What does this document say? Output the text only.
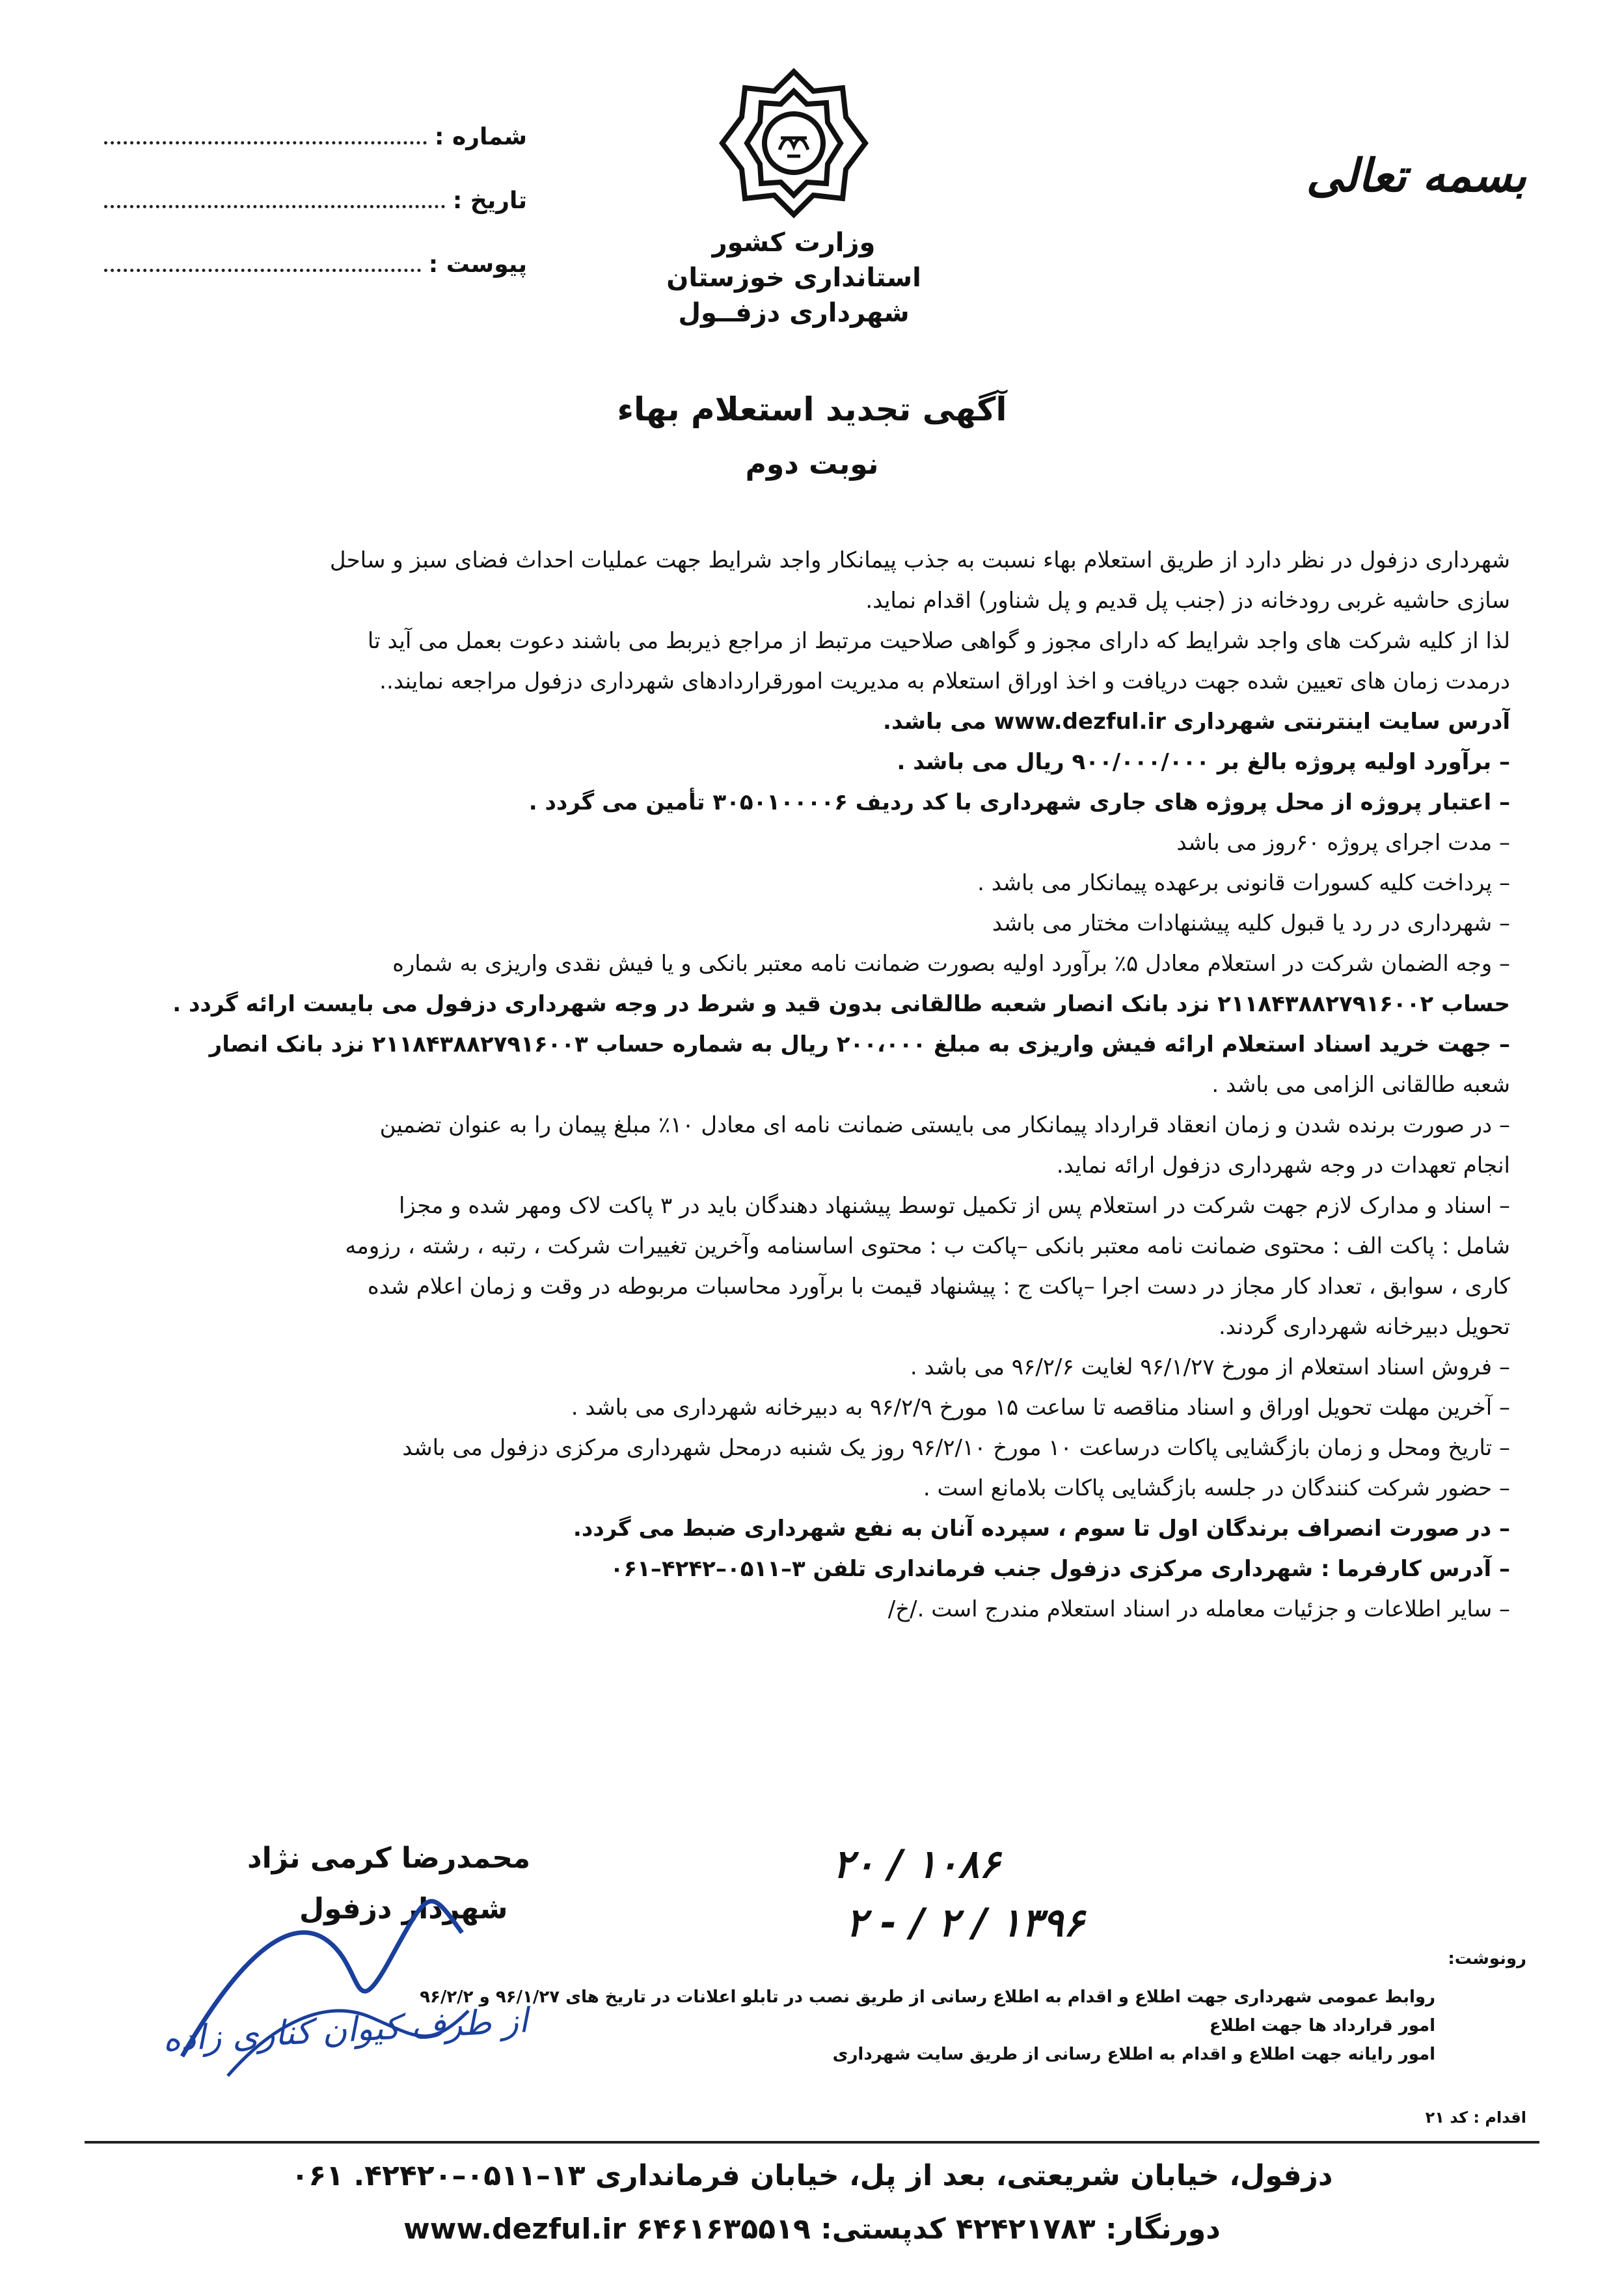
بسمه تعالی
وزارت کشور
استانداری خوزستان
شهرداری دزفــول
شماره :
تاریخ :
پیوست :
آگهی تجدید استعلام بهاء
نوبت دوم
شهرداری دزفول در نظر دارد از طریق استعلام بهاء نسبت به جذب پیمانکار واجد شرایط جهت عملیات احداث فضای سبز و ساحل
سازی حاشیه غربی رودخانه دز (جنب پل قدیم و پل شناور) اقدام نماید.
لذا از کلیه شرکت های واجد شرایط که دارای مجوز و گواهی صلاحیت مرتبط از مراجع ذیربط می باشند دعوت بعمل می آید تا
درمدت زمان های تعیین شده جهت دریافت و اخذ اوراق استعلام به مدیریت امورقراردادهای شهرداری دزفول مراجعه نمایند..
آدرس سایت اینترنتی شهرداری www.dezful.ir می باشد.
– برآورد اولیه پروژه بالغ بر ۹۰۰/۰۰۰/۰۰۰ ریال می باشد .
– اعتبار پروژه از محل پروژه های جاری شهرداری با کد ردیف ۳۰۵۰۱۰۰۰۰۶ تأمین می گردد .
– مدت اجرای پروژه ۶۰روز می باشد
– پرداخت کلیه کسورات قانونی برعهده پیمانکار می باشد .
– شهرداری در رد یا قبول کلیه پیشنهادات مختار می باشد
– وجه الضمان شرکت در استعلام معادل ۵٪ برآورد اولیه بصورت ضمانت نامه معتبر بانکی و یا فیش نقدی واریزی به شماره
حساب ۲۱۱۸۴۳۸۸۲۷۹۱۶۰۰۲ نزد بانک انصار شعبه طالقانی بدون قید و شرط در وجه شهرداری دزفول می بایست ارائه گردد .
– جهت خرید اسناد استعلام ارائه فیش واریزی به مبلغ ۲۰۰،۰۰۰ ریال به شماره حساب ۲۱۱۸۴۳۸۸۲۷۹۱۶۰۰۳ نزد بانک انصار
شعبه طالقانی الزامی می باشد .
– در صورت برنده شدن و زمان انعقاد قرارداد پیمانکار می بایستی ضمانت نامه ای معادل ۱۰٪ مبلغ پیمان را به عنوان تضمین
انجام تعهدات در وجه شهرداری دزفول ارائه نماید.
– اسناد و مدارک لازم جهت شرکت در استعلام پس از تکمیل توسط پیشنهاد دهندگان باید در ۳ پاکت لاک ومهر شده و مجزا
شامل : پاکت الف : محتوی ضمانت نامه معتبر بانکی –پاکت ب : محتوی اساسنامه وآخرین تغییرات شرکت ، رتبه ، رشته ، رزومه
کاری ، سوابق ، تعداد کار مجاز در دست اجرا –پاکت ج : پیشنهاد قیمت با برآورد محاسبات مربوطه در وقت و زمان اعلام شده
تحویل دبیرخانه شهرداری گردند.
– فروش اسناد استعلام از مورخ ۹۶/۱/۲۷ لغایت ۹۶/۲/۶ می باشد .
– آخرین مهلت تحویل اوراق و اسناد مناقصه تا ساعت ۱۵ مورخ ۹۶/۲/۹ به دبیرخانه شهرداری می باشد .
– تاریخ ومحل و زمان بازگشایی پاکات درساعت ۱۰ مورخ ۹۶/۲/۱۰ روز یک شنبه درمحل شهرداری مرکزی دزفول می باشد
– حضور شرکت کنندگان در جلسه بازگشایی پاکات بلامانع است .
– در صورت انصراف برندگان اول تا سوم ، سپرده آنان به نفع شهرداری ضبط می گردد.
– آدرس کارفرما : شهرداری مرکزی دزفول جنب فرمانداری تلفن ۳–۰۵۱۱–۴۲۴۲–۰۶۱
– سایر اطلاعات و جزئیات معامله در اسناد استعلام مندرج است ./خ/
محمدرضا کرمی نژاد
شهردار دزفول
از طرف کیوان کناری زاده
۱۰۸۶ / ۲۰
۱۳۹۶ / ۲ / - ۲
رونوشت:
روابط عمومی شهرداری جهت اطلاع و اقدام به اطلاع رسانی از طریق نصب در تابلو اعلانات در تاریخ های ۹۶/۱/۲۷ و ۹۶/۲/۲
امور قرارداد ها جهت اطلاع
امور رایانه جهت اطلاع و اقدام به اطلاع رسانی از طریق سایت شهرداری
اقدام : کد ۲۱
دزفول، خیابان شریعتی، بعد از پل، خیابان فرمانداری ۱۳–۰۵۱۱–۴۲۴۲۰. ۰۶۱
دورنگار: ۴۲۴۲۱۷۸۳ کدپستی: ۶۴۶۱۶۳۵۵۱۹ www.dezful.ir
